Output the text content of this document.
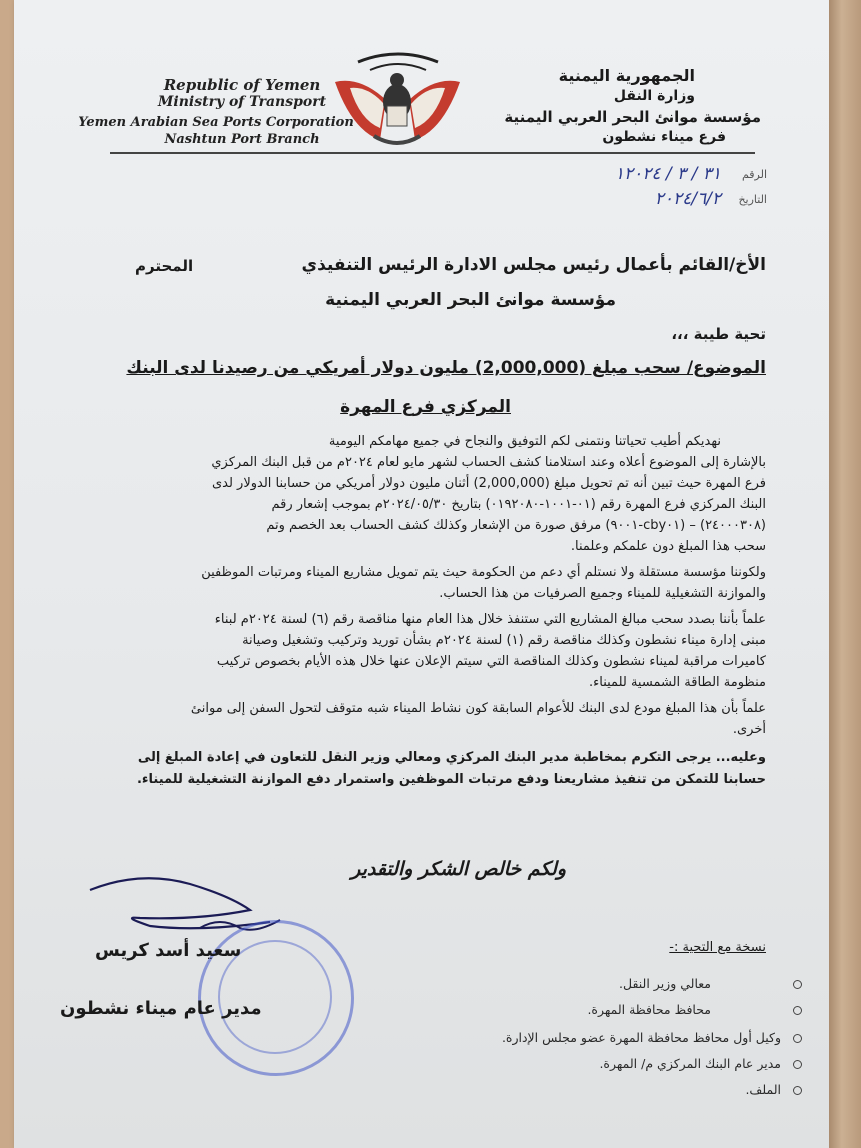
Republic of Yemen
Ministry of Transport
Yemen Arabian Sea Ports Corporation
Nashtun Port Branch
الجمهورية اليمنية
وزارة النقل
مؤسسة موانئ البحر العربي اليمنية
فرع ميناء نشطون
الرقم
٣١ / ٣ / ١٢٠٢٤
التاريخ
٢٠٢٤/٦/٢
الأخ/القائم بأعمال رئيس مجلس الادارة الرئيس التنفيذي
المحترم
مؤسسة موانئ البحر العربي اليمنية
تحية طيبة ،،،
الموضوع/ سحب مبلغ (2,000,000) مليون دولار أمريكي من رصيدنا لدى البنك
المركزي فرع المهرة
نهديكم أطيب تحياتنا ونتمنى لكم التوفيق والنجاح في جميع مهامكم اليومية
بالإشارة إلى الموضوع أعلاه وعند استلامنا كشف الحساب لشهر مايو لعام ٢٠٢٤م من قبل البنك المركزي
فرع المهرة حيث تبين أنه تم تحويل مبلغ (2,000,000) أثنان مليون دولار أمريكي من حسابنا الدولار لدى
البنك المركزي فرع المهرة رقم (٠١-١٠٠١-٠١٩٢٠٨٠) بتاريخ ٢٠٢٤/٠٥/٣٠م بموجب إشعار رقم
(٢٤٠٠٠٣٠٨) – (cby٠١-٩٠٠١) مرفق صورة من الإشعار وكذلك كشف الحساب بعد الخصم وتم
سحب هذا المبلغ دون علمكم وعلمنا.
ولكوننا مؤسسة مستقلة ولا نستلم أي دعم من الحكومة حيث يتم تمويل مشاريع الميناء ومرتبات الموظفين
والموازنة التشغيلية للميناء وجميع الصرفيات من هذا الحساب.
علماً بأننا بصدد سحب مبالغ المشاريع التي ستنفذ خلال هذا العام منها مناقصة رقم (٦) لسنة ٢٠٢٤م لبناء
مبنى إدارة ميناء نشطون وكذلك مناقصة رقم (١) لسنة ٢٠٢٤م بشأن توريد وتركيب وتشغيل وصيانة
كاميرات مراقبة لميناء نشطون وكذلك المناقصة التي سيتم الإعلان عنها خلال هذه الأيام بخصوص تركيب
منظومة الطاقة الشمسية للميناء.
علماً بأن هذا المبلغ مودع لدى البنك للأعوام السابقة كون نشاط الميناء شبه متوقف لتحول السفن إلى موانئ
أخرى.
وعليه... يرجى التكرم بمخاطبة مدير البنك المركزي ومعالي وزير النقل للتعاون في إعادة المبلغ إلى
حسابنا للتمكن من تنفيذ مشاريعنا ودفع مرتبات الموظفين واستمرار دفع الموازنة التشغيلية للميناء.
ولكم خالص الشكر والتقدير
سعيد أسد كريس
مدير عام ميناء نشطون
نسخة مع التحية :-
معالي وزير النقل.
محافظ محافظة المهرة.
وكيل أول محافظ محافظة المهرة عضو مجلس الإدارة.
مدير عام البنك المركزي م/ المهرة.
الملف.
